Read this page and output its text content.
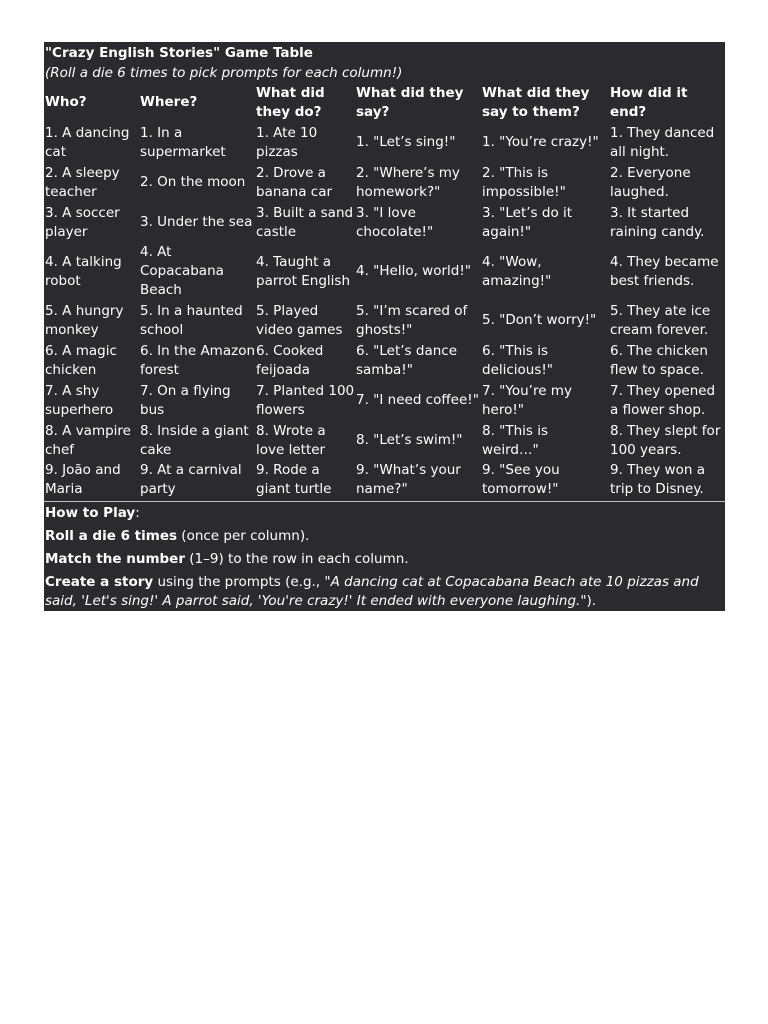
"Crazy English Stories" Game Table
(Roll a die 6 times to pick prompts for each column!)
Who?	Where?	What did they do?	What did they say?	What did they say to them?	How did it end?
1. A dancing cat	1. In a supermarket	1. Ate 10 pizzas	1. "Let’s sing!"	1. "You’re crazy!"	1. They danced all night.
2. A sleepy teacher	2. On the moon	2. Drove a banana car	2. "Where’s my homework?"	2. "This is impossible!"	2. Everyone laughed.
3. A soccer player	3. Under the sea	3. Built a sand castle	3. "I love chocolate!"	3. "Let’s do it again!"	3. It started raining candy.
4. A talking robot	4. At Copacabana Beach	4. Taught a parrot English	4. "Hello, world!"	4. "Wow, amazing!"	4. They became best friends.
5. A hungry monkey	5. In a haunted school	5. Played video games	5. "I’m scared of ghosts!"	5. "Don’t worry!"	5. They ate ice cream forever.
6. A magic chicken	6. In the Amazon forest	6. Cooked feijoada	6. "Let’s dance samba!"	6. "This is delicious!"	6. The chicken flew to space.
7. A shy superhero	7. On a flying bus	7. Planted 100 flowers	7. "I need coffee!"	7. "You’re my hero!"	7. They opened a flower shop.
8. A vampire chef	8. Inside a giant cake	8. Wrote a love letter	8. "Let’s swim!"	8. "This is weird…"	8. They slept for 100 years.
9. João and Maria	9. At a carnival party	9. Rode a giant turtle	9. "What’s your name?"	9. "See you tomorrow!"	9. They won a trip to Disney.

How to Play:

Roll a die 6 times (once per column).

Match the number (1–9) to the row in each column.

Create a story using the prompts (e.g., "A dancing cat at Copacabana Beach ate 10 pizzas and said, 'Let's sing!' A parrot said, 'You're crazy!' It ended with everyone laughing.").
